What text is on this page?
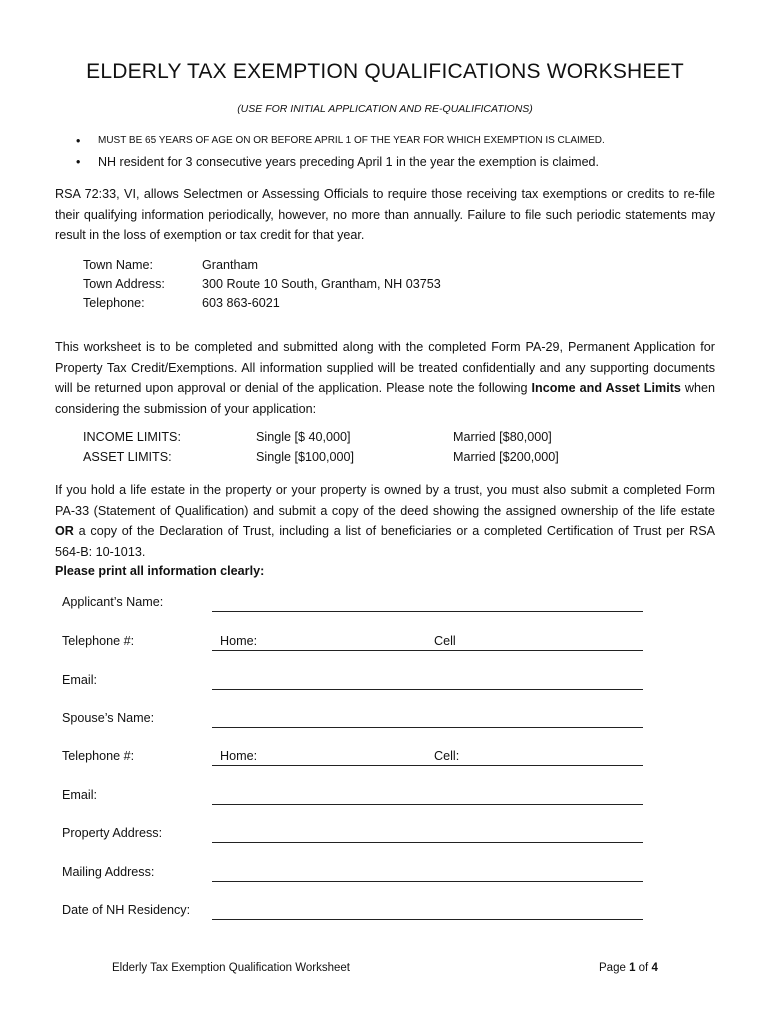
ELDERLY TAX EXEMPTION QUALIFICATIONS WORKSHEET
(USE FOR INITIAL APPLICATION AND RE-QUALIFICATIONS)
• MUST BE 65 YEARS OF AGE ON OR BEFORE APRIL 1 OF THE YEAR FOR WHICH EXEMPTION IS CLAIMED.
• NH resident for 3 consecutive years preceding April 1 in the year the exemption is claimed.
RSA 72:33, VI, allows Selectmen or Assessing Officials to require those receiving tax exemptions or credits to re-file their qualifying information periodically, however, no more than annually. Failure to file such periodic statements may result in the loss of exemption or tax credit for that year.
Town Name:	Grantham
Town Address:	300 Route 10 South, Grantham, NH 03753
Telephone:	603 863-6021
This worksheet is to be completed and submitted along with the completed Form PA-29, Permanent Application for Property Tax Credit/Exemptions. All information supplied will be treated confidentially and any supporting documents will be returned upon approval or denial of the application. Please note the following Income and Asset Limits when considering the submission of your application:
INCOME LIMITS:	Single [$ 40,000]	Married [$80,000]
ASSET LIMITS:	Single [$100,000]	Married [$200,000]
If you hold a life estate in the property or your property is owned by a trust, you must also submit a completed Form PA-33 (Statement of Qualification) and submit a copy of the deed showing the assigned ownership of the life estate OR a copy of the Declaration of Trust, including a list of beneficiaries or a completed Certification of Trust per RSA 564-B: 10-1013.
Please print all information clearly:
Applicant’s Name:
Telephone #:	Home:	Cell
Email:
Spouse’s Name:
Telephone #:	Home:	Cell:
Email:
Property Address:
Mailing Address:
Date of NH Residency:
Elderly Tax Exemption Qualification Worksheet	Page 1 of 4
